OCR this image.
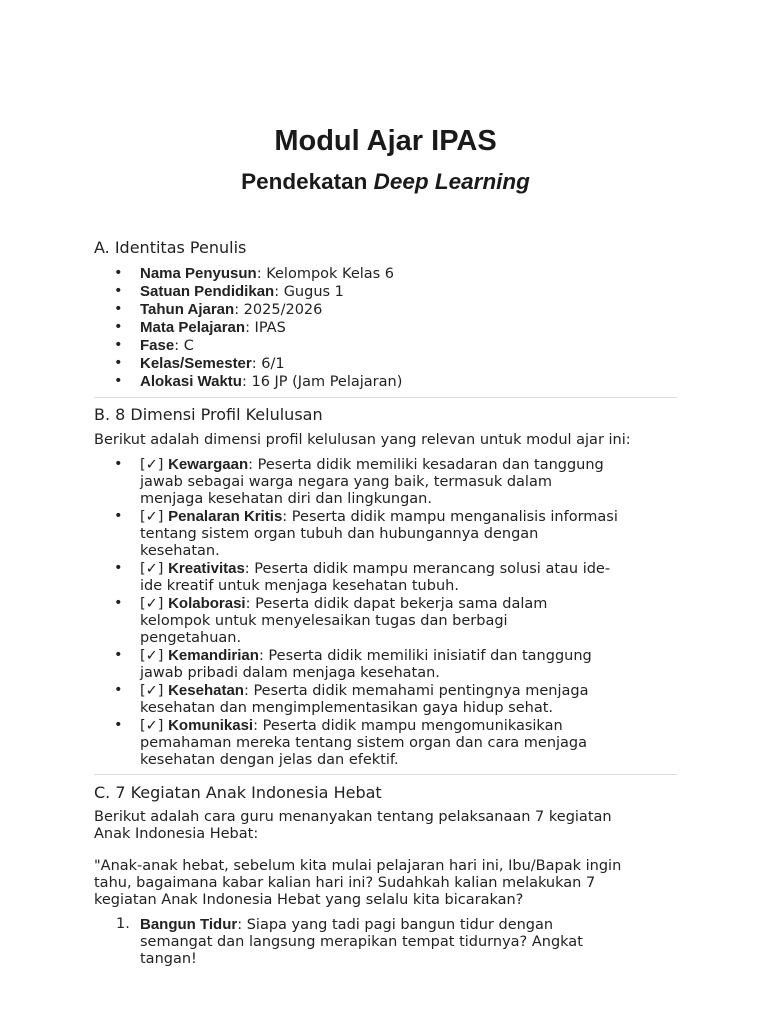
Modul Ajar IPAS
Pendekatan Deep Learning
A. Identitas Penulis
• Nama Penyusun: Kelompok Kelas 6
• Satuan Pendidikan: Gugus 1
• Tahun Ajaran: 2025/2026
• Mata Pelajaran: IPAS
• Fase: C
• Kelas/Semester: 6/1
• Alokasi Waktu: 16 JP (Jam Pelajaran)
B. 8 Dimensi Profil Kelulusan

Berikut adalah dimensi profil kelulusan yang relevan untuk modul ajar ini:

• [✓] Kewargaan: Peserta didik memiliki kesadaran dan tanggung
jawab sebagai warga negara yang baik, termasuk dalam
menjaga kesehatan diri dan lingkungan.
• [✓] Penalaran Kritis: Peserta didik mampu menganalisis informasi
tentang sistem organ tubuh dan hubungannya dengan
kesehatan.
• [✓] Kreativitas: Peserta didik mampu merancang solusi atau ide-
ide kreatif untuk menjaga kesehatan tubuh.
• [✓] Kolaborasi: Peserta didik dapat bekerja sama dalam
kelompok untuk menyelesaikan tugas dan berbagi
pengetahuan.
• [✓] Kemandirian: Peserta didik memiliki inisiatif dan tanggung
jawab pribadi dalam menjaga kesehatan.
• [✓] Kesehatan: Peserta didik memahami pentingnya menjaga
kesehatan dan mengimplementasikan gaya hidup sehat.
• [✓] Komunikasi: Peserta didik mampu mengomunikasikan
pemahaman mereka tentang sistem organ dan cara menjaga
kesehatan dengan jelas dan efektif.
C. 7 Kegiatan Anak Indonesia Hebat

Berikut adalah cara guru menanyakan tentang pelaksanaan 7 kegiatan
Anak Indonesia Hebat:

"Anak-anak hebat, sebelum kita mulai pelajaran hari ini, Ibu/Bapak ingin
tahu, bagaimana kabar kalian hari ini? Sudahkah kalian melakukan 7
kegiatan Anak Indonesia Hebat yang selalu kita bicarakan?

1. Bangun Tidur: Siapa yang tadi pagi bangun tidur dengan
semangat dan langsung merapikan tempat tidurnya? Angkat
tangan!
